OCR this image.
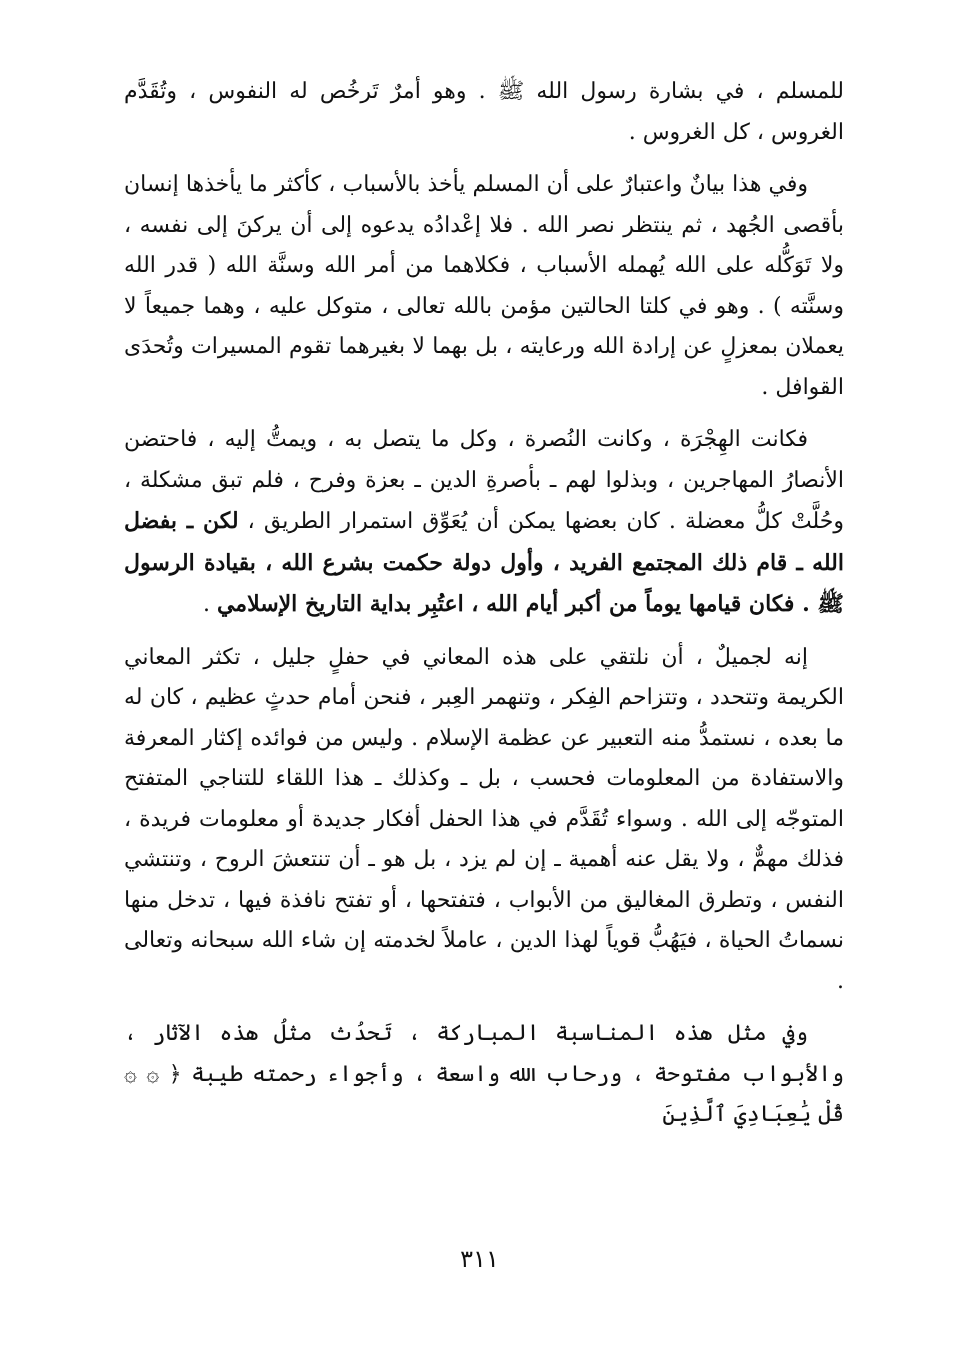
للمسلم ، في بشارة رسول الله ﷺ . وهو أمرٌ تَرخُص له النفوس ، وتُقَدَّم الغروس ، كل الغروس .

وفي هذا بيانٌ واعتبارٌ على أن المسلم يأخذ بالأسباب ، كأكثر ما يأخذها إنسان بأقصى الجُهد ، ثم ينتظر نصر الله . فلا إعْدادُه يدعوه إلى أن يركنَ إلى نفسه ، ولا تَوَكُّله على الله يُهمله الأسباب ، فكلاهما من أمر الله وسنَّة الله ( قدر الله وسنَّته ) . وهو في كلتا الحالتين مؤمن بالله تعالى ، متوكل عليه ، وهما جميعاً لا يعملان بمعزلٍ عن إرادة الله ورعايته ، بل بهما لا بغيرهما تقوم المسيرات وتُحدَى القوافل .

فكانت الهِجْرَة ، وكانت النُصرة ، وكل ما يتصل به ، ويمتُّ إليه ، فاحتضن الأنصارُ المهاجرين ، وبذلوا لهم ـ بأصرةِ الدين ـ بعزة وفرح ، فلم تبق مشكلة ، وحُلَّتْ كلُّ معضلة . كان بعضها يمكن أن يُعَوِّق استمرار الطريق ، لكن ـ بفضل الله ـ قام ذلك المجتمع الفريد ، وأول دولة حكمت بشرع الله ، بقيادة الرسول ﷺ . فكان قيامها يوماً من أكبر أيام الله ، اعتُبِر بداية التاريخ الإسلامي .

إنه لجميلٌ ، أن نلتقي على هذه المعاني في حفلٍ جليل ، تكثر المعاني الكريمة وتتحدد ، وتتزاحم الفِكر ، وتنهمر العِبر ، فنحن أمام حدثٍ عظيم ، كان له ما بعده ، نستمدُّ منه التعبير عن عظمة الإسلام . وليس من فوائده إكثار المعرفة والاستفادة من المعلومات فحسب ، بل ـ وكذلك ـ هذا اللقاء للتناجي المتفتح المتوجّه إلى الله . وسواء تُقَدَّم في هذا الحفل أفكار جديدة أو معلومات فريدة ، فذلك مهمٌّ ، ولا يقل عنه أهمية ـ إن لم يزد ، بل هو ـ أن تنتعشَ الروح ، وتنتشي النفس ، وتطرق المغاليق من الأبواب ، فتفتحها ، أو تفتح نافذة فيها ، تدخل منها نسماتُ الحياة ، فيَهُبُّ قوياً لهذا الدين ، عاملاً لخدمته إن شاء الله سبحانه وتعالى .

وفي مثل هذه المناسبة المباركة ، تَحدُث مثلُ هذه الآثار ، والأبواب مفتوحة ، ورحاب الله واسعة ، وأجواء رحمته طيبة ﴿ ۞ ۞ قُلْ يَٰعِبَادِيَ ٱلَّذِينَ

٣١١
